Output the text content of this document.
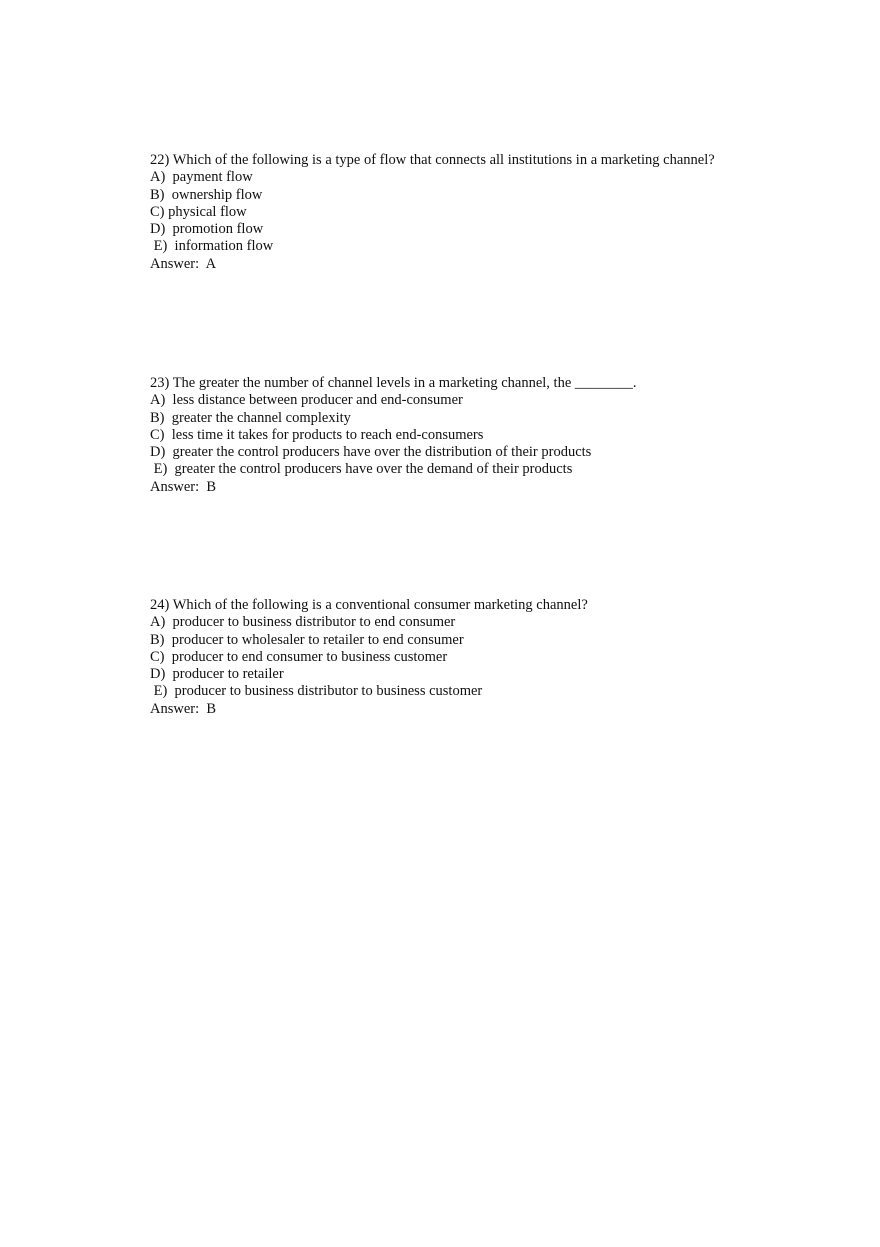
22) Which of the following is a type of flow that connects all institutions in a marketing channel?
A)  payment flow
B)  ownership flow
C) physical flow
D)  promotion flow
E)  information flow
Answer:  A
23) The greater the number of channel levels in a marketing channel, the ________.
A)  less distance between producer and end-consumer
B)  greater the channel complexity
C)  less time it takes for products to reach end-consumers
D)  greater the control producers have over the distribution of their products
E)  greater the control producers have over the demand of their products
Answer:  B
24) Which of the following is a conventional consumer marketing channel?
A)  producer to business distributor to end consumer
B)  producer to wholesaler to retailer to end consumer
C)  producer to end consumer to business customer
D)  producer to retailer
E)  producer to business distributor to business customer
Answer:  B
